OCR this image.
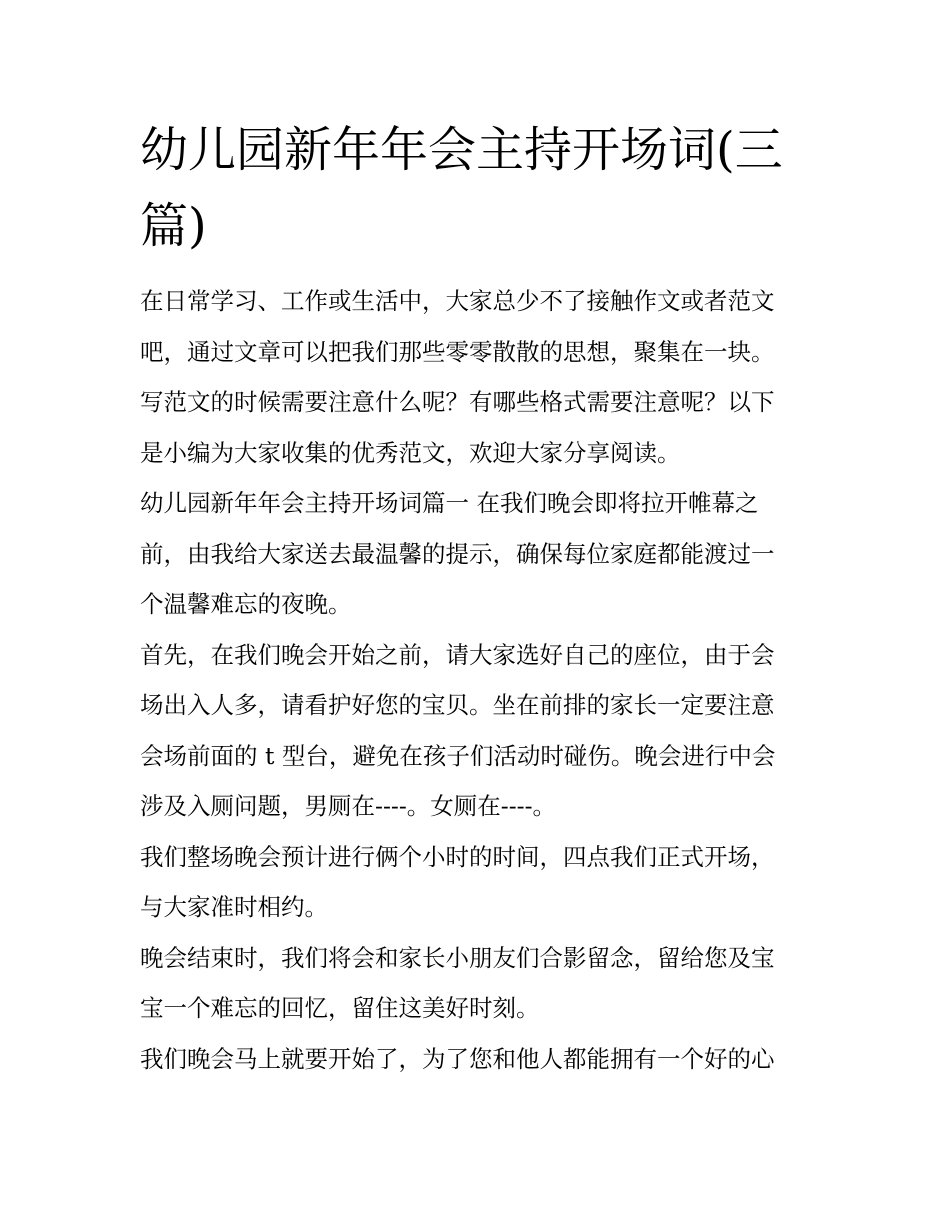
幼儿园新年年会主持开场词(三
篇)
在日常学习、工作或生活中，大家总少不了接触作文或者范文
吧，通过文章可以把我们那些零零散散的思想，聚集在一块。
写范文的时候需要注意什么呢？有哪些格式需要注意呢？以下
是小编为大家收集的优秀范文，欢迎大家分享阅读。
幼儿园新年年会主持开场词篇一 在我们晚会即将拉开帷幕之
前，由我给大家送去最温馨的提示，确保每位家庭都能渡过一
个温馨难忘的夜晚。
首先，在我们晚会开始之前，请大家选好自己的座位，由于会
场出入人多，请看护好您的宝贝。坐在前排的家长一定要注意
会场前面的 t 型台，避免在孩子们活动时碰伤。晚会进行中会
涉及入厕问题，男厕在----。女厕在----。
我们整场晚会预计进行俩个小时的时间，四点我们正式开场，
与大家准时相约。
晚会结束时，我们将会和家长小朋友们合影留念，留给您及宝
宝一个难忘的回忆，留住这美好时刻。
我们晚会马上就要开始了，为了您和他人都能拥有一个好的心
